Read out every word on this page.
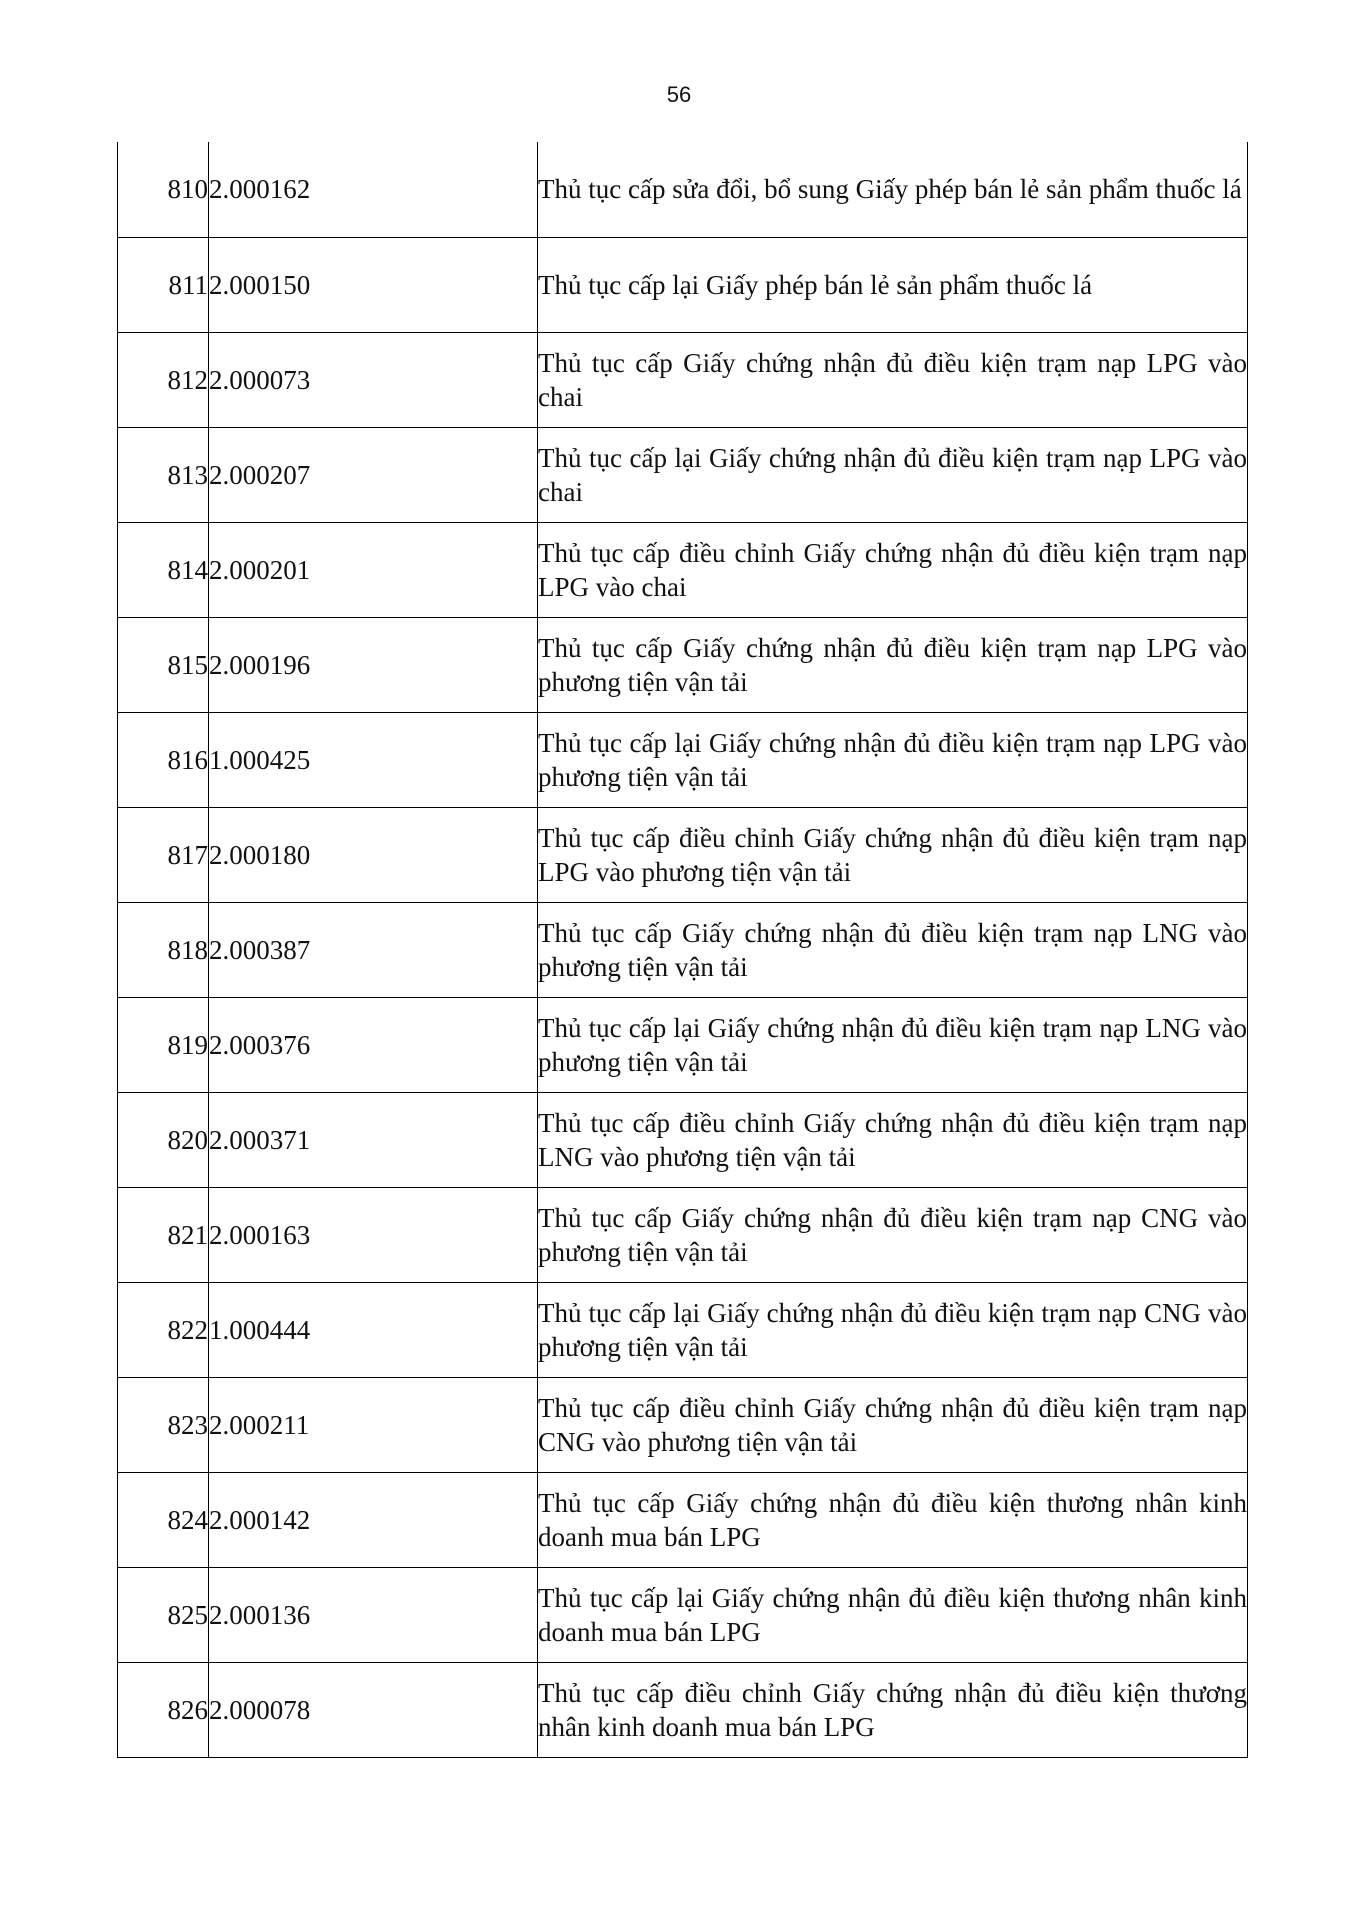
56
810	2.000162	Thủ tục cấp sửa đổi, bổ sung Giấy phép bán lẻ sản phẩm thuốc lá
811	2.000150	Thủ tục cấp lại Giấy phép bán lẻ sản phẩm thuốc lá
812	2.000073	Thủ tục cấp Giấy chứng nhận đủ điều kiện trạm nạp LPG vào chai
813	2.000207	Thủ tục cấp lại Giấy chứng nhận đủ điều kiện trạm nạp LPG vào chai
814	2.000201	Thủ tục cấp điều chỉnh Giấy chứng nhận đủ điều kiện trạm nạp LPG vào chai
815	2.000196	Thủ tục cấp Giấy chứng nhận đủ điều kiện trạm nạp LPG vào phương tiện vận tải
816	1.000425	Thủ tục cấp lại Giấy chứng nhận đủ điều kiện trạm nạp LPG vào phương tiện vận tải
817	2.000180	Thủ tục cấp điều chỉnh Giấy chứng nhận đủ điều kiện trạm nạp LPG vào phương tiện vận tải
818	2.000387	Thủ tục cấp Giấy chứng nhận đủ điều kiện trạm nạp LNG vào phương tiện vận tải
819	2.000376	Thủ tục cấp lại Giấy chứng nhận đủ điều kiện trạm nạp LNG vào phương tiện vận tải
820	2.000371	Thủ tục cấp điều chỉnh Giấy chứng nhận đủ điều kiện trạm nạp LNG vào phương tiện vận tải
821	2.000163	Thủ tục cấp Giấy chứng nhận đủ điều kiện trạm nạp CNG vào phương tiện vận tải
822	1.000444	Thủ tục cấp lại Giấy chứng nhận đủ điều kiện trạm nạp CNG vào phương tiện vận tải
823	2.000211	Thủ tục cấp điều chỉnh Giấy chứng nhận đủ điều kiện trạm nạp CNG vào phương tiện vận tải
824	2.000142	Thủ tục cấp Giấy chứng nhận đủ điều kiện thương nhân kinh doanh mua bán LPG
825	2.000136	Thủ tục cấp lại Giấy chứng nhận đủ điều kiện thương nhân kinh doanh mua bán LPG
826	2.000078	Thủ tục cấp điều chỉnh Giấy chứng nhận đủ điều kiện thương nhân kinh doanh mua bán LPG
